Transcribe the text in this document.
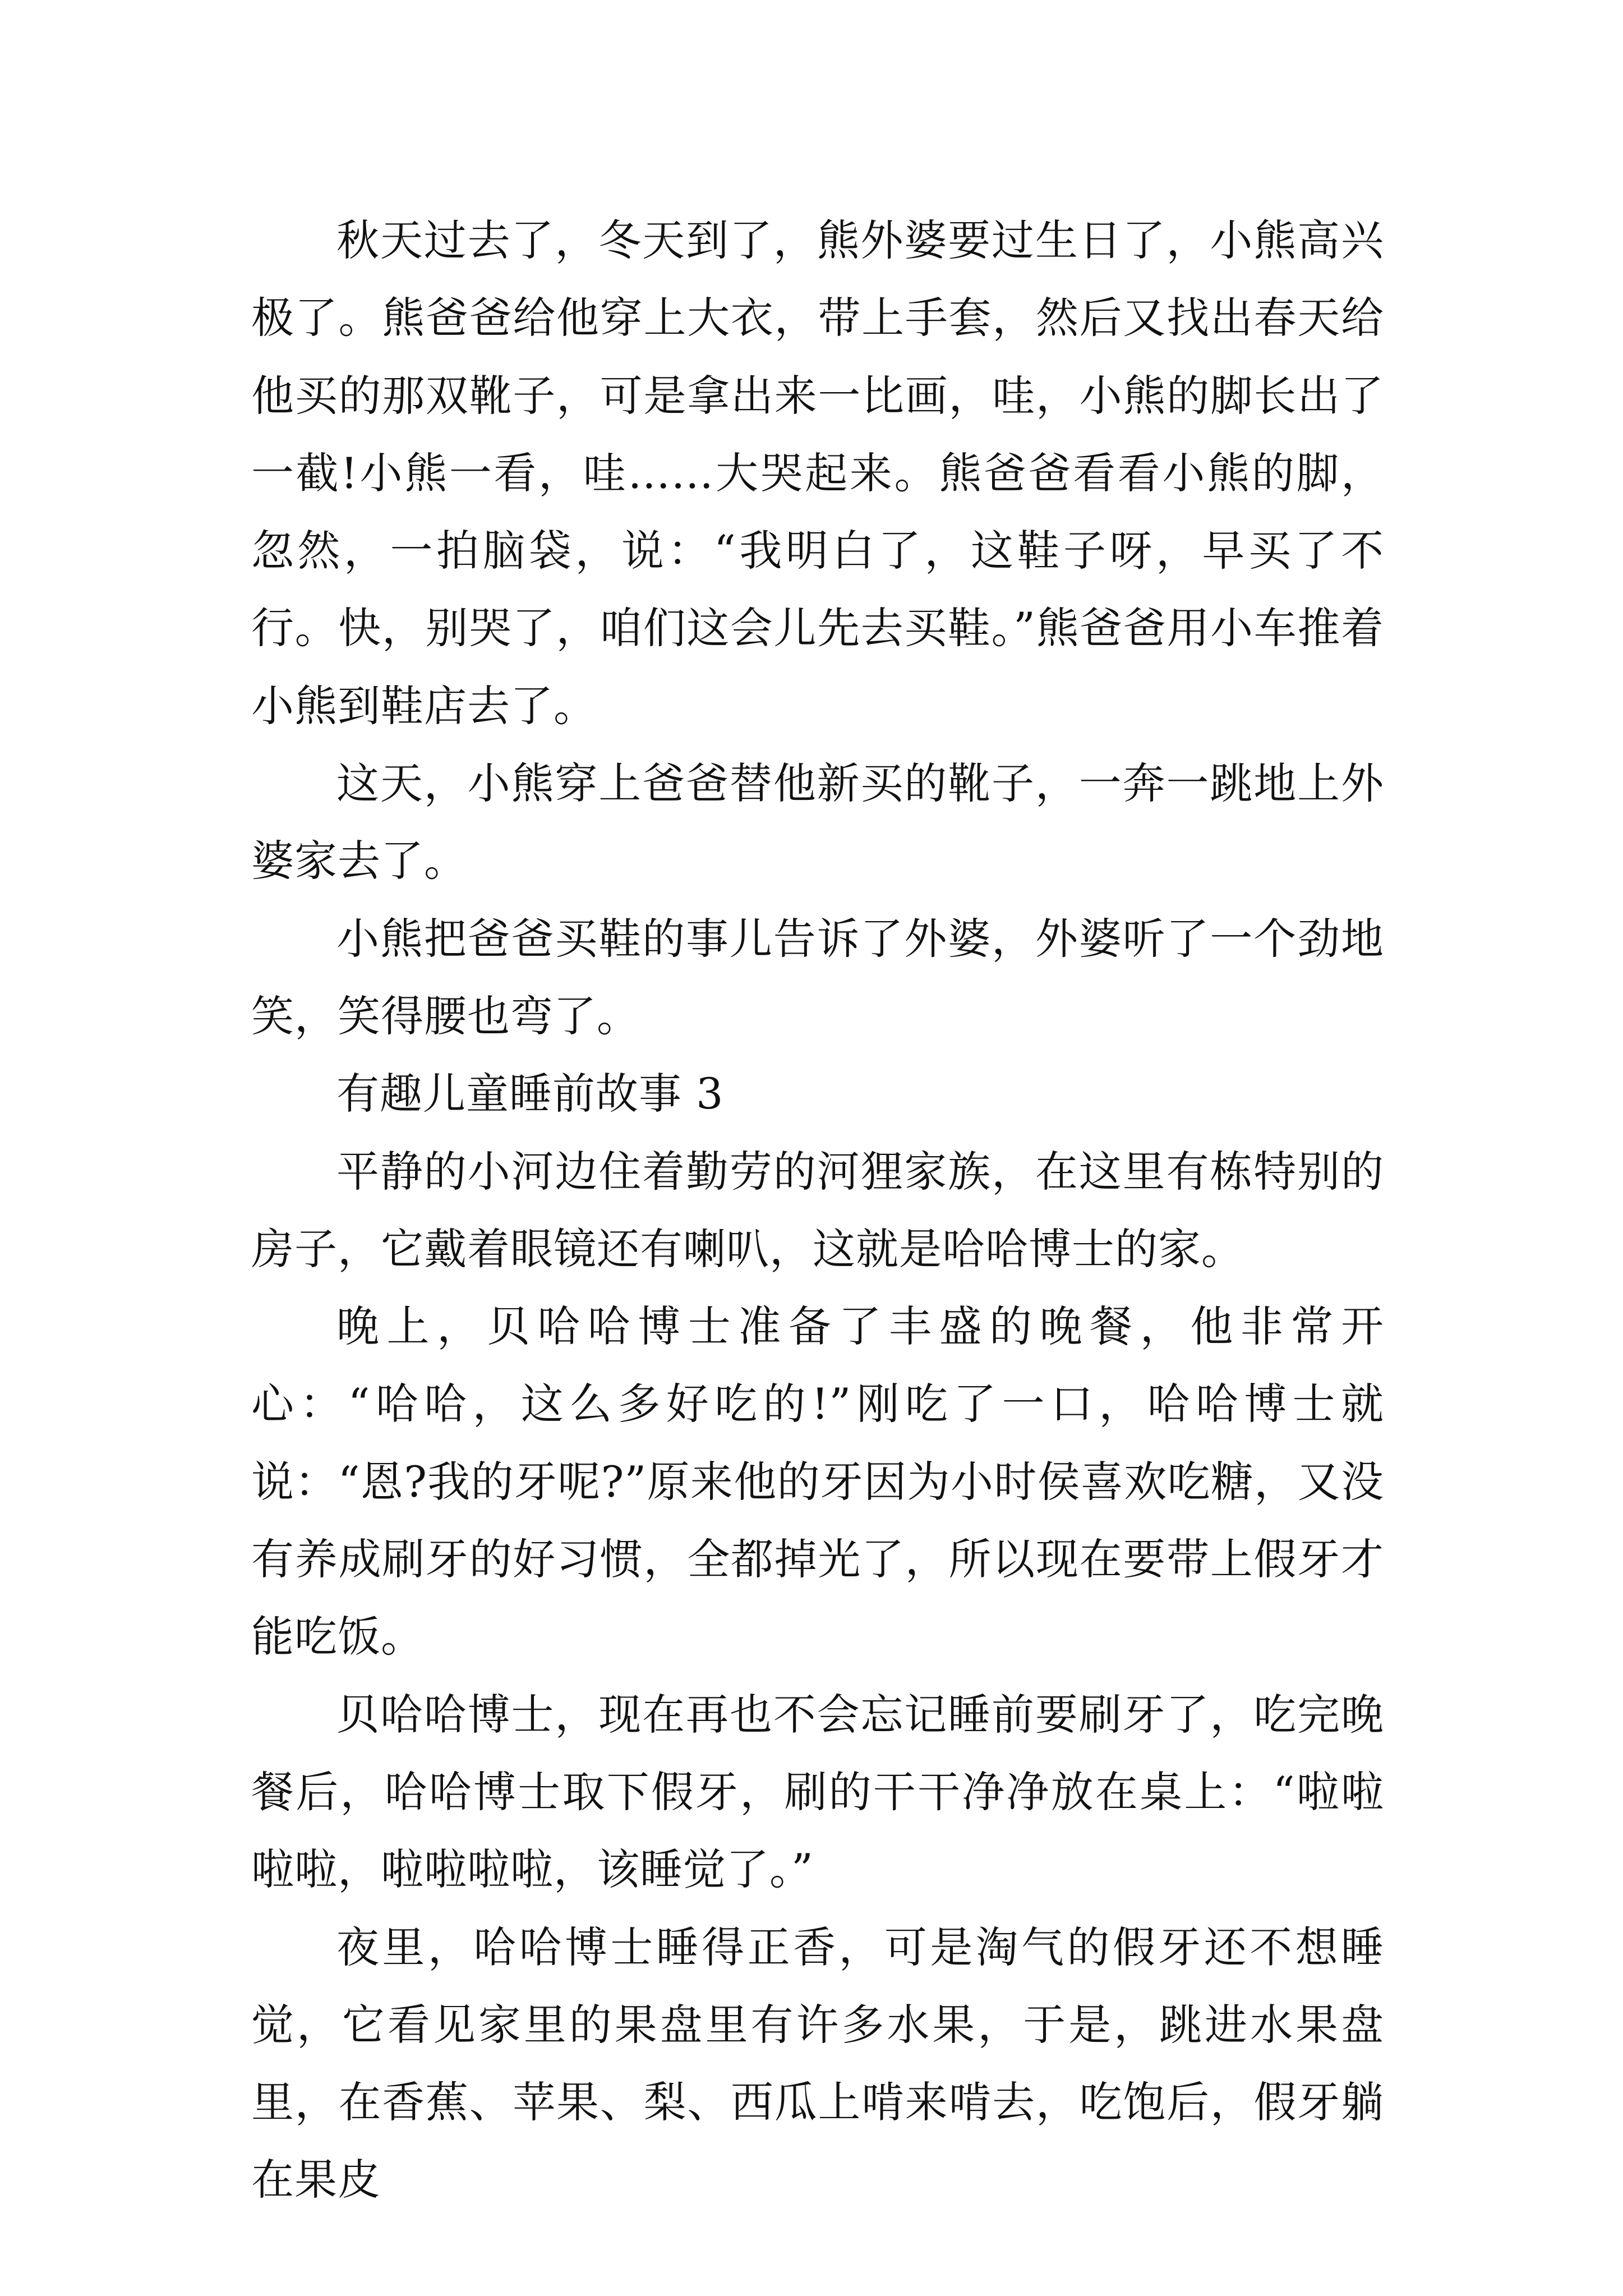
秋天过去了，冬天到了，熊外婆要过生日了，小熊高兴极了。熊爸爸给他穿上大衣，带上手套，然后又找出春天给他买的那双靴子，可是拿出来一比画，哇，小熊的脚长出了一截!小熊一看，哇……大哭起来。熊爸爸看看小熊的脚，忽然，一拍脑袋，说：“我明白了，这鞋子呀，早买了不行。快，别哭了，咱们这会儿先去买鞋。”熊爸爸用小车推着小熊到鞋店去了。

这天，小熊穿上爸爸替他新买的靴子，一奔一跳地上外婆家去了。

小熊把爸爸买鞋的事儿告诉了外婆，外婆听了一个劲地笑，笑得腰也弯了。

有趣儿童睡前故事 3

平静的小河边住着勤劳的河狸家族，在这里有栋特别的房子，它戴着眼镜还有喇叭，这就是哈哈博士的家。

晚上，贝哈哈博士准备了丰盛的晚餐，他非常开心：“哈哈，这么多好吃的!”刚吃了一口，哈哈博士就说：“恩?我的牙呢?”原来他的牙因为小时侯喜欢吃糖，又没有养成刷牙的好习惯，全都掉光了，所以现在要带上假牙才能吃饭。

贝哈哈博士，现在再也不会忘记睡前要刷牙了，吃完晚餐后，哈哈博士取下假牙，刷的干干净净放在桌上：“啦啦啦啦，啦啦啦啦，该睡觉了。”

夜里，哈哈博士睡得正香，可是淘气的假牙还不想睡觉，它看见家里的果盘里有许多水果，于是，跳进水果盘里，在香蕉、苹果、梨、西瓜上啃来啃去，吃饱后，假牙躺在果皮
